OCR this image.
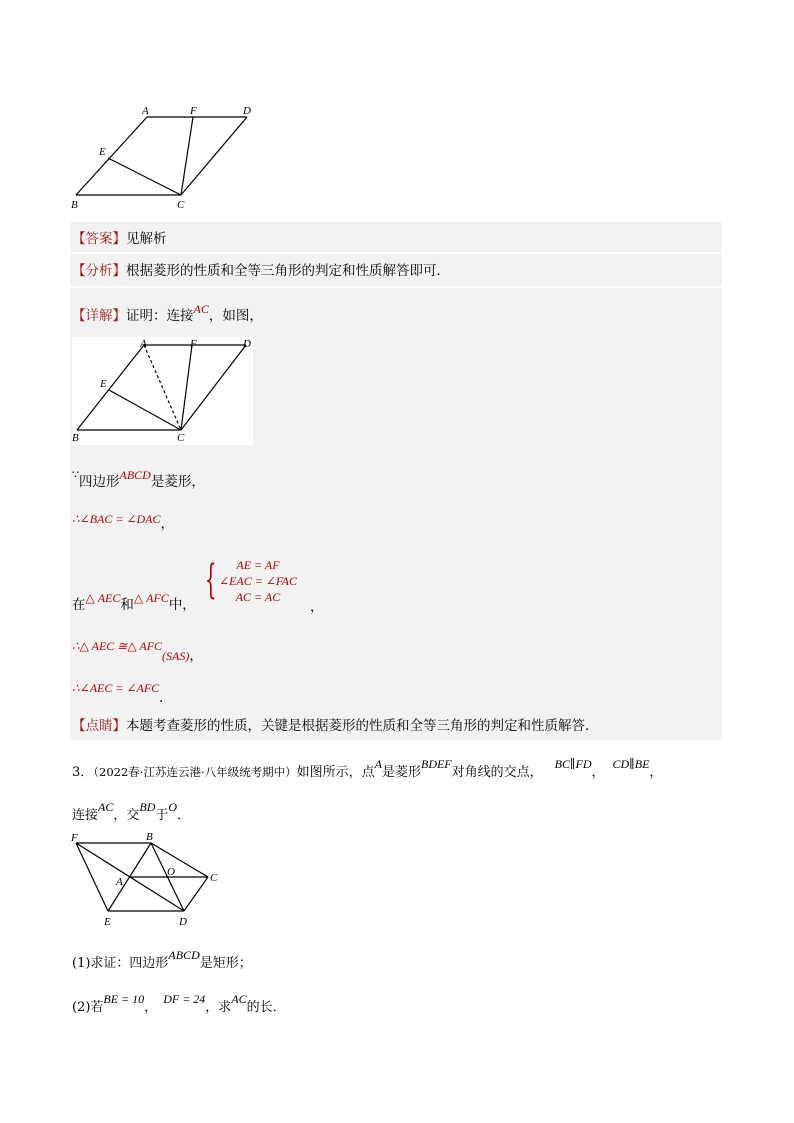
A	F	D
E
B	C
【答案】见解析
【分析】根据菱形的性质和全等三角形的判定和性质解答即可．
【详解】证明：连接AC，如图，
A	F	D
E
B	C
∵四边形ABCD是菱形，
∴∠BAC = ∠DAC，
在△ AEC和△ AFC中，
{	AE = AF
∠EAC = ∠FAC
AC = AC
，
∴△ AEC ≅△ AFC(SAS)，
∴∠AEC = ∠AFC．
【点睛】本题考查菱形的性质，关键是根据菱形的性质和全等三角形的判定和性质解答．
3．（2022春·江苏连云港·八年级统考期中）如图所示，点A是菱形BDEF对角线的交点，BC∥FD，CD∥BE，
连接AC，交BD于O．
F	B
O	C
A
E	D
(1)求证：四边形ABCD是矩形；
(2)若BE = 10，DF = 24，求AC的长．
